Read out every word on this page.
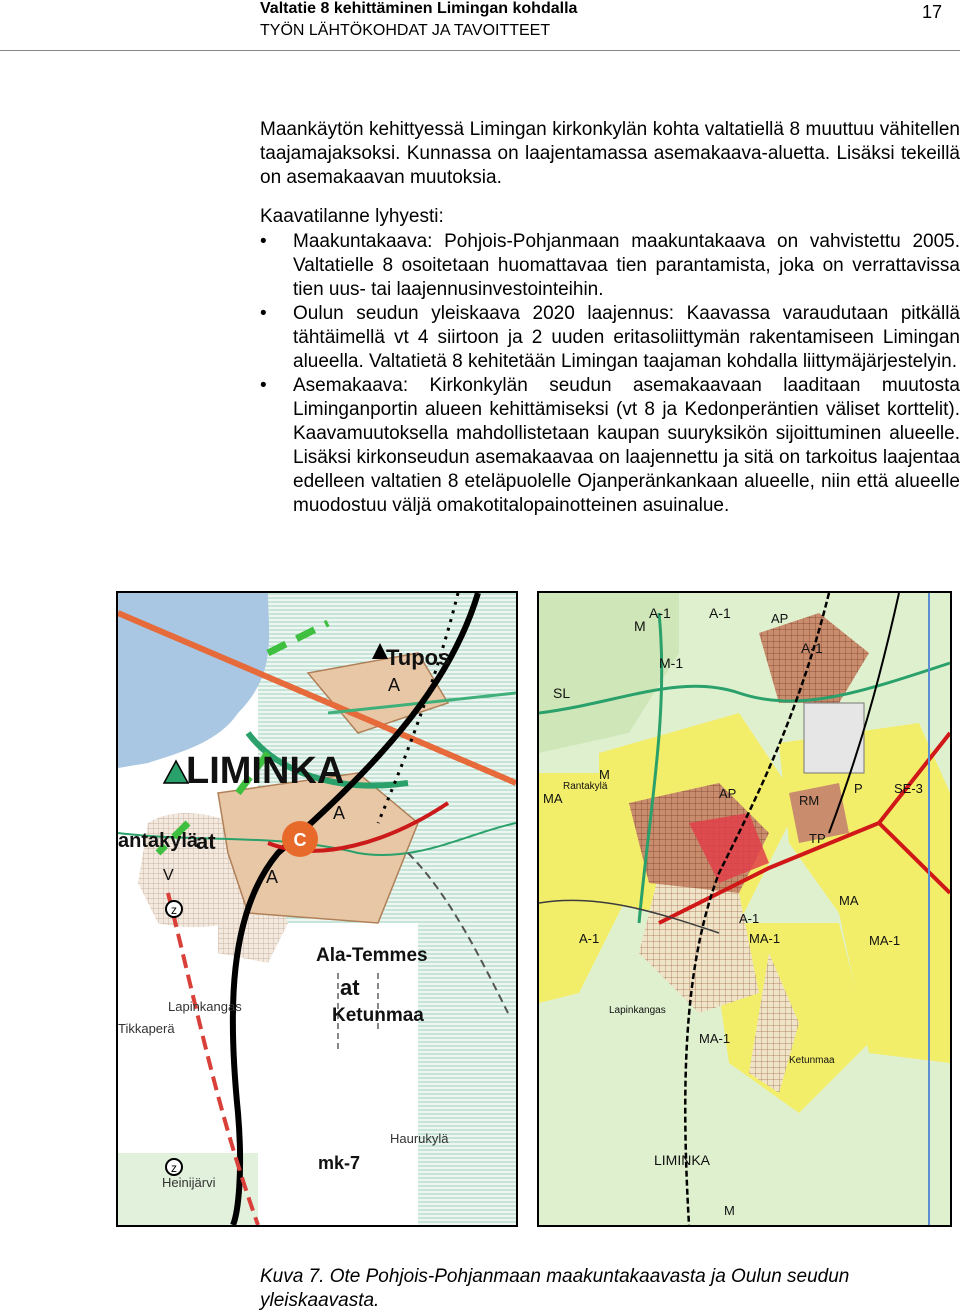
Valtatie 8 kehittäminen Limingan kohdalla
TYÖN LÄHTÖKOHDAT JA TAVOITTEET
17
Maankäytön kehittyessä Limingan kirkonkylän kohta valtatiellä 8 muuttuu vähitellen taajamajaksoksi. Kunnassa on laajentamassa asemakaava-aluetta. Lisäksi tekeillä on asemakaavan muutoksia.
Kaavatilanne lyhyesti:
• Maakuntakaava: Pohjois-Pohjanmaan maakuntakaava on vahvistettu 2005. Valtatielle 8 osoitetaan huomattavaa tien parantamista, joka on verrattavissa tien uus- tai laajennusinvestointeihin.
• Oulun seudun yleiskaava 2020 laajennus: Kaavassa varaudutaan pitkällä tähtäimellä vt 4 siirtoon ja 2 uuden eritasoliittymän rakentamiseen Limingan alueella. Valtatietä 8 kehitetään Limingan taajaman kohdalla liittymäjärjestelyin.
• Asemakaava: Kirkonkylän seudun asemakaavaan laaditaan muutosta Liminganportin alueen kehittämiseksi (vt 8 ja Kedonperäntien väliset korttelit). Kaavamuutoksella mahdollistetaan kaupan suuryksikön sijoittuminen alueelle. Lisäksi kirkonseudun asemakaavaa on laajennettu ja sitä on tarkoitus laajentaa edelleen valtatien 8 eteläpuolelle Ojanperänkankaan alueelle, niin että alueelle muodostuu väljä omakotitalopainotteinen asuinalue.
C
LIMINKA
Tupos
A
A
A
antakylä
at
V
Ala-Temmes
at
Ketunmaa
Lapinkangas
Tikkaperä
mk-7
Haurukylä
Heinijärvi
z
z
A-1	A-1
M
M-1
SL
AP
A-1
MA
Rantakylä
M
AP	RM
TP
P SE-3
MA
MA-1
A-1
MA-1
A-1
Lapinkangas
MA-1
Ketunmaa
LIMINKA
M
Kuva 7. Ote Pohjois-Pohjanmaan maakuntakaavasta ja Oulun seudun yleiskaavasta.
